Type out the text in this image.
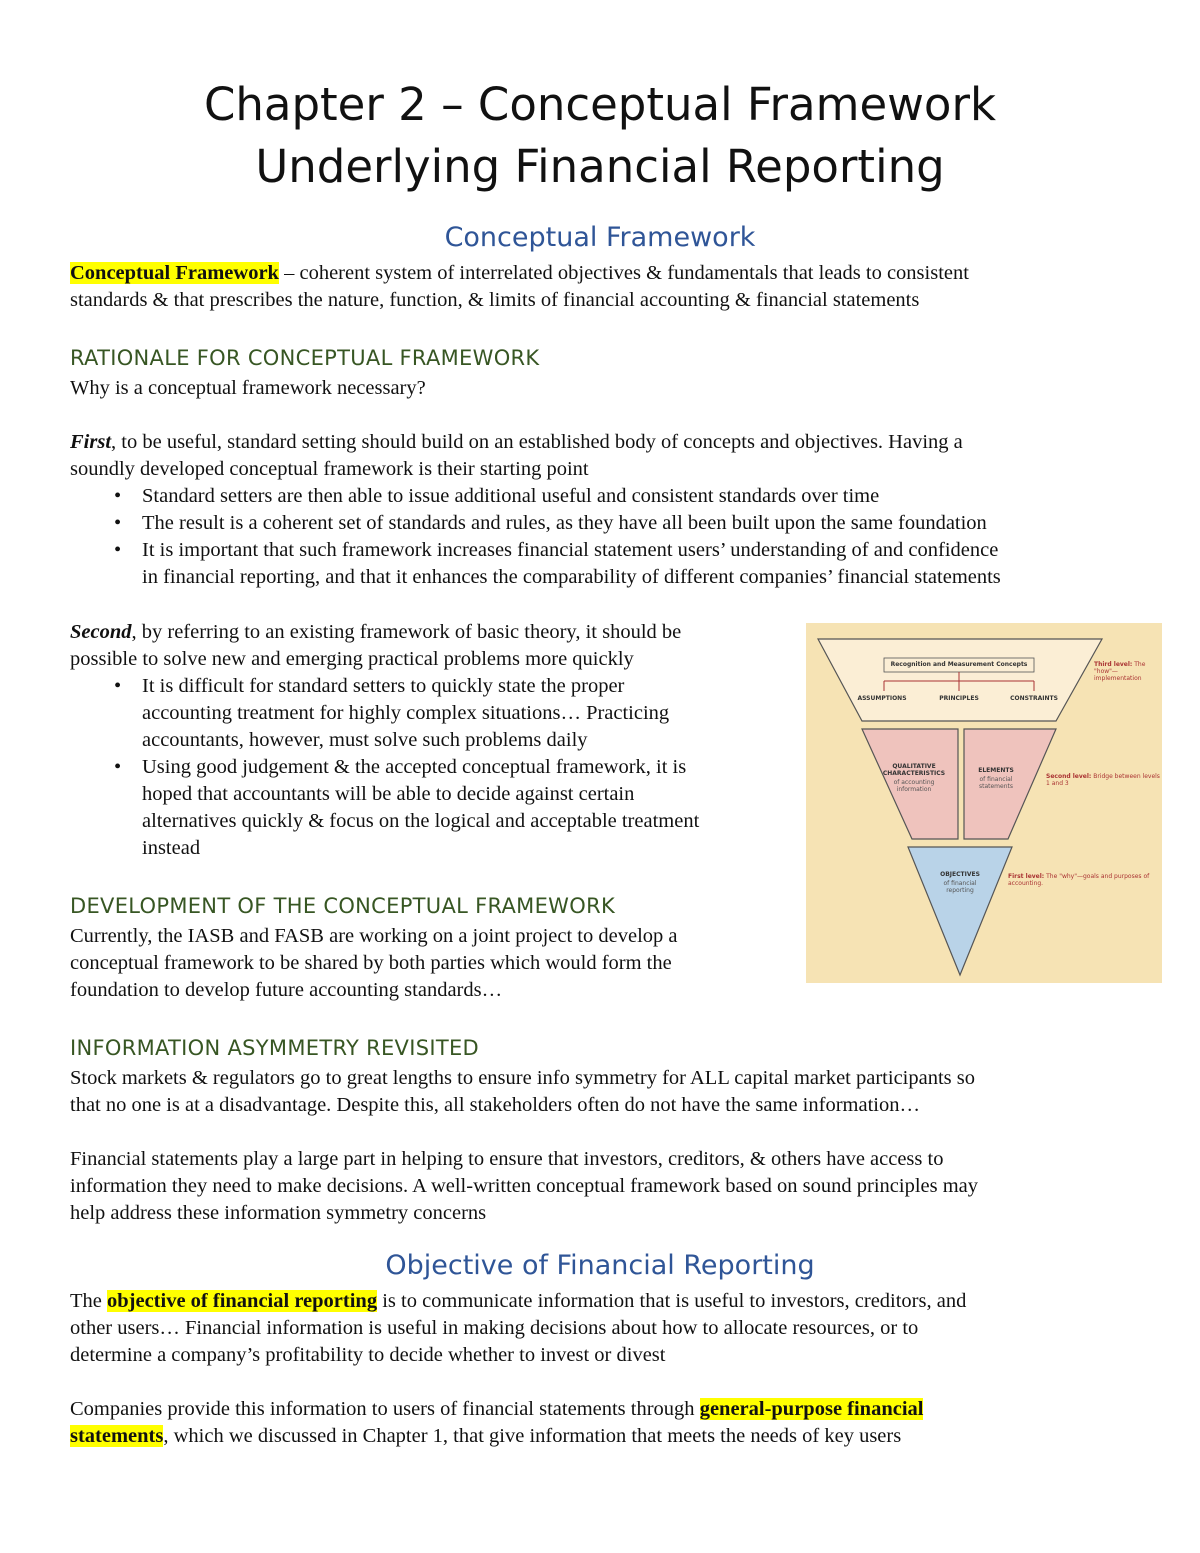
Chapter 2 – Conceptual Framework
Underlying Financial Reporting
Conceptual Framework
Conceptual Framework – coherent system of interrelated objectives & fundamentals that leads to consistent
standards & that prescribes the nature, function, & limits of financial accounting & financial statements
RATIONALE FOR CONCEPTUAL FRAMEWORK
Why is a conceptual framework necessary?
First, to be useful, standard setting should build on an established body of concepts and objectives. Having a
soundly developed conceptual framework is their starting point
• Standard setters are then able to issue additional useful and consistent standards over time
• The result is a coherent set of standards and rules, as they have all been built upon the same foundation
• It is important that such framework increases financial statement users’ understanding of and confidence
in financial reporting, and that it enhances the comparability of different companies’ financial statements
Second, by referring to an existing framework of basic theory, it should be
possible to solve new and emerging practical problems more quickly
• It is difficult for standard setters to quickly state the proper
accounting treatment for highly complex situations… Practicing
accountants, however, must solve such problems daily
• Using good judgement & the accepted conceptual framework, it is
hoped that accountants will be able to decide against certain
alternatives quickly & focus on the logical and acceptable treatment
instead
Recognition and Measurement Concepts
ASSUMPTIONS	PRINCIPLES	CONSTRAINTS
Third level: The "how"—implementation
QUALITATIVE CHARACTERISTICS
of accounting information
ELEMENTS
of financial statements
Second level: Bridge between levels 1 and 3
OBJECTIVES
of financial reporting
First level: The "why"—goals and purposes of accounting.
DEVELOPMENT OF THE CONCEPTUAL FRAMEWORK
Currently, the IASB and FASB are working on a joint project to develop a
conceptual framework to be shared by both parties which would form the
foundation to develop future accounting standards…
INFORMATION ASYMMETRY REVISITED
Stock markets & regulators go to great lengths to ensure info symmetry for ALL capital market participants so
that no one is at a disadvantage. Despite this, all stakeholders often do not have the same information…
Financial statements play a large part in helping to ensure that investors, creditors, & others have access to
information they need to make decisions. A well-written conceptual framework based on sound principles may
help address these information symmetry concerns
Objective of Financial Reporting
The objective of financial reporting is to communicate information that is useful to investors, creditors, and
other users… Financial information is useful in making decisions about how to allocate resources, or to
determine a company’s profitability to decide whether to invest or divest
Companies provide this information to users of financial statements through general-purpose financial
statements, which we discussed in Chapter 1, that give information that meets the needs of key users
